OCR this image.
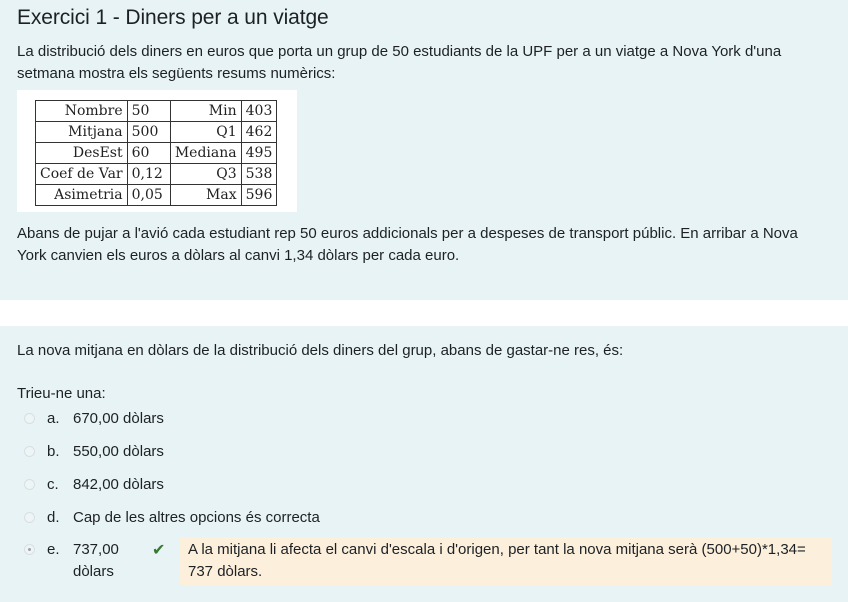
Exercici 1 - Diners per a un viatge

La distribució dels diners en euros que porta un grup de 50 estudiants de la UPF per a un viatge a Nova York d'una setmana mostra els següents resums numèrics:

Nombre	50	Min	403
Mitjana	500	Q1	462
DesEst	60	Mediana	495
Coef de Var	0,12	Q3	538
Asimetria	0,05	Max	596

Abans de pujar a l'avió cada estudiant rep 50 euros addicionals per a despeses de transport públic. En arribar a Nova York canvien els euros a dòlars al canvi 1,34 dòlars per cada euro.

La nova mitjana en dòlars de la distribució dels diners del grup, abans de gastar-ne res, és:

Trieu-ne una:

a. 670,00 dòlars
b. 550,00 dòlars
c. 842,00 dòlars
d. Cap de les altres opcions és correcta
e. 737,00 dòlars
✔	A la mitjana li afecta el canvi d'escala i d'origen, per tant la nova mitjana serà (500+50)*1,34= 737 dòlars.
